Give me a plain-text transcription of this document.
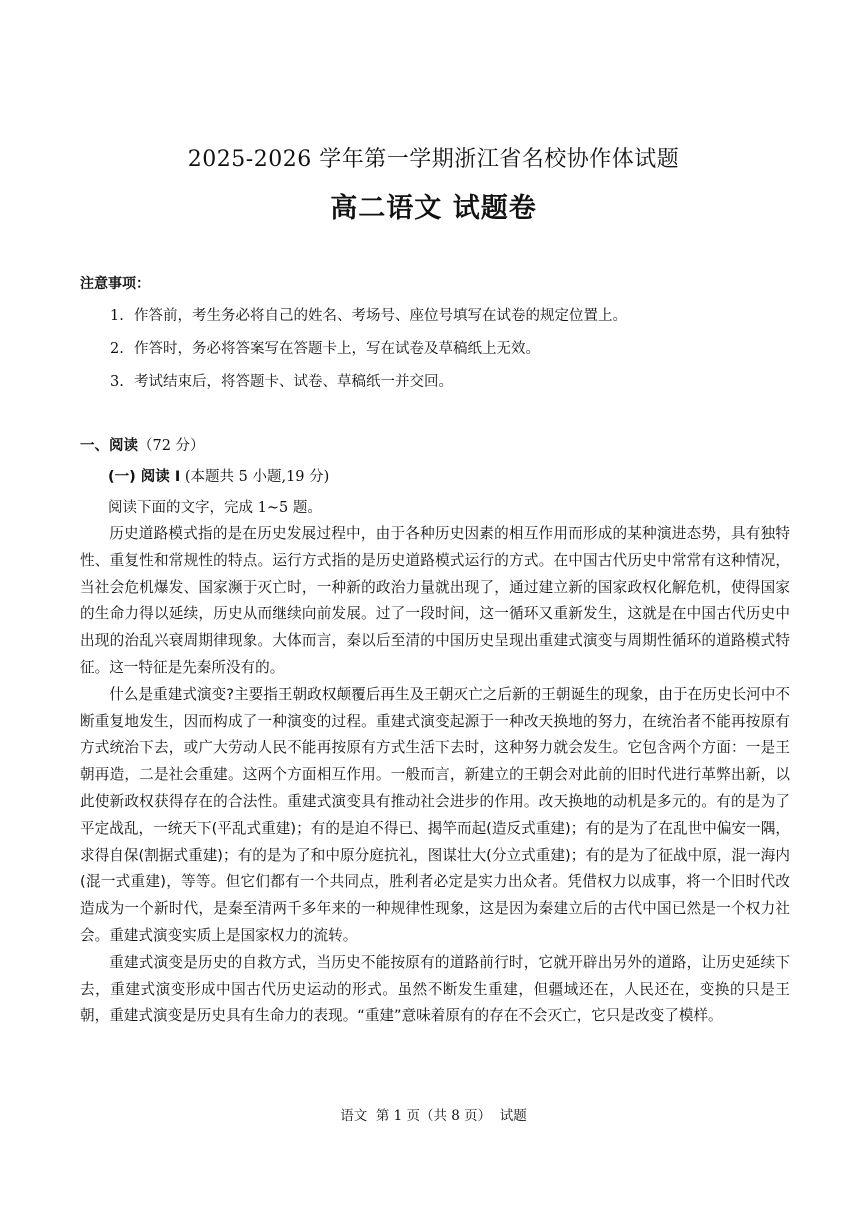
2025-2026 学年第一学期浙江省名校协作体试题
高二语文 试题卷
注意事项：
1. 作答前，考生务必将自己的姓名、考场号、座位号填写在试卷的规定位置上。
2. 作答时，务必将答案写在答题卡上，写在试卷及草稿纸上无效。
3. 考试结束后，将答题卡、试卷、草稿纸一并交回。
一、阅读（72 分）
(一) 阅读 I (本题共 5 小题,19 分)
阅读下面的文字，完成 1~5 题。

历史道路模式指的是在历史发展过程中，由于各种历史因素的相互作用而形成的某种演进态势，具有独特性、重复性和常规性的特点。运行方式指的是历史道路模式运行的方式。在中国古代历史中常常有这种情况，当社会危机爆发、国家濒于灭亡时，一种新的政治力量就出现了，通过建立新的国家政权化解危机，使得国家的生命力得以延续，历史从而继续向前发展。过了一段时间，这一循环又重新发生，这就是在中国古代历史中出现的治乱兴衰周期律现象。大体而言，秦以后至清的中国历史呈现出重建式演变与周期性循环的道路模式特征。这一特征是先秦所没有的。

什么是重建式演变?主要指王朝政权颠覆后再生及王朝灭亡之后新的王朝诞生的现象，由于在历史长河中不断重复地发生，因而构成了一种演变的过程。重建式演变起源于一种改天换地的努力，在统治者不能再按原有方式统治下去，或广大劳动人民不能再按原有方式生活下去时，这种努力就会发生。它包含两个方面：一是王朝再造，二是社会重建。这两个方面相互作用。一般而言，新建立的王朝会对此前的旧时代进行革弊出新，以此使新政权获得存在的合法性。重建式演变具有推动社会进步的作用。改天换地的动机是多元的。有的是为了平定战乱，一统天下(平乱式重建)；有的是迫不得已、揭竿而起(造反式重建)；有的是为了在乱世中偏安一隅，求得自保(割据式重建)；有的是为了和中原分庭抗礼，图谋壮大(分立式重建)；有的是为了征战中原，混一海内(混一式重建)，等等。但它们都有一个共同点，胜利者必定是实力出众者。凭借权力以成事，将一个旧时代改造成为一个新时代，是秦至清两千多年来的一种规律性现象，这是因为秦建立后的古代中国已然是一个权力社会。重建式演变实质上是国家权力的流转。

重建式演变是历史的自救方式，当历史不能按原有的道路前行时，它就开辟出另外的道路，让历史延续下去，重建式演变形成中国古代历史运动的形式。虽然不断发生重建，但疆域还在，人民还在，变换的只是王朝，重建式演变是历史具有生命力的表现。“重建”意味着原有的存在不会灭亡，它只是改变了模样。

语文  第 1 页（共 8 页）  试题
